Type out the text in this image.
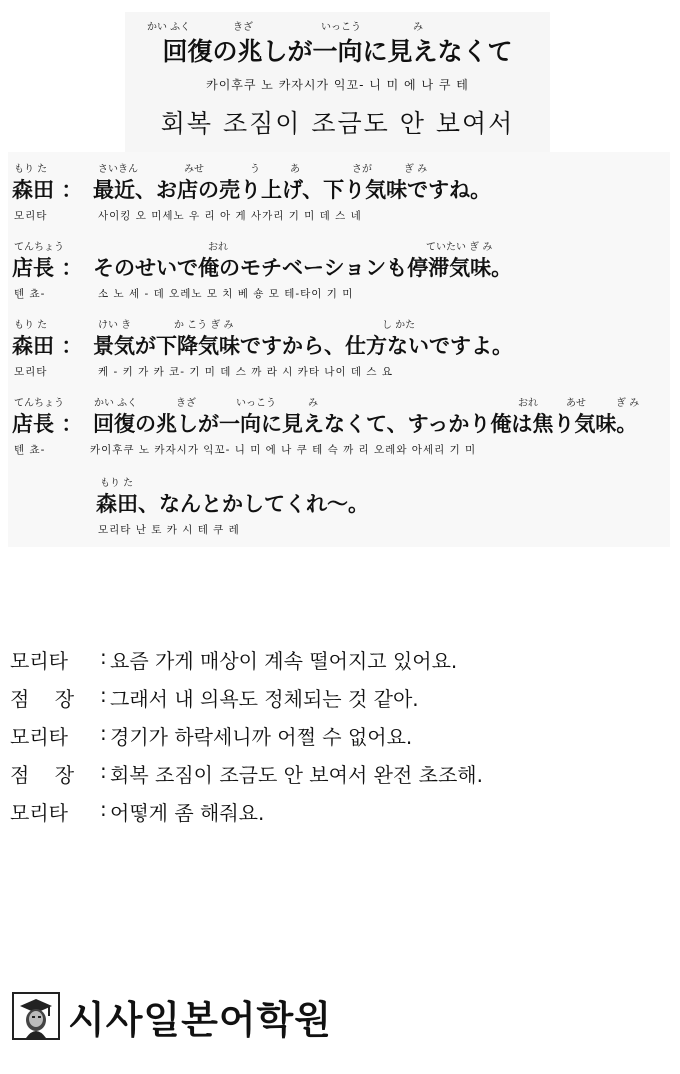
かい ふく	きざ	いっこう	み
回復の兆しが一向に見えなくて
카이후쿠 노 카자시가 익꼬- 니 미 에 나 쿠 테
회복 조짐이 조금도 안 보여서
もり た	さいきん	みせ	う	あ	さが	ぎ み
森田 ： 最近、お店の売り上げ、下り気味ですね。
모리타	사이킹 오 미세노 우 리 아 게 사가리 기 미 데 스 네
てんちょう	おれ	ていたい ぎ み
店長 ： そのせいで俺のモチベーションも停滞気味。
텐 쵸-	소 노 세 - 데 오레노 모 치 베 숑 모 테-타이 기 미
もり た	けい き	か こう ぎ み	し かた
森田 ： 景気が下降気味ですから、仕方ないですよ。
모리타	케 - 키 가 카 코- 기 미 데 스 까 라 시 카타 나이 데 스 요
てんちょう	かい ふく	きざ	いっこう	み	おれ	あせ	ぎ み
店長 ： 回復の兆しが一向に見えなくて、すっかり俺は焦り気味。
텐 쵸-	카이후쿠 노 카자시가 익꼬- 니 미 에 나 쿠 테 슥 까 리 오레와 아세리 기 미
もり た
森田、なんとかしてくれ～。
모리타 난 토 카 시 테 쿠 레
모리타	: 요즘 가게 매상이 계속 떨어지고 있어요.
점    장	: 그래서 내 의욕도 정체되는 것 같아.
모리타	: 경기가 하락세니까 어쩔 수 없어요.
점    장	: 회복 조짐이 조금도 안 보여서 완전 초조해.
모리타	: 어떻게 좀 해줘요.
시사일본어학원
